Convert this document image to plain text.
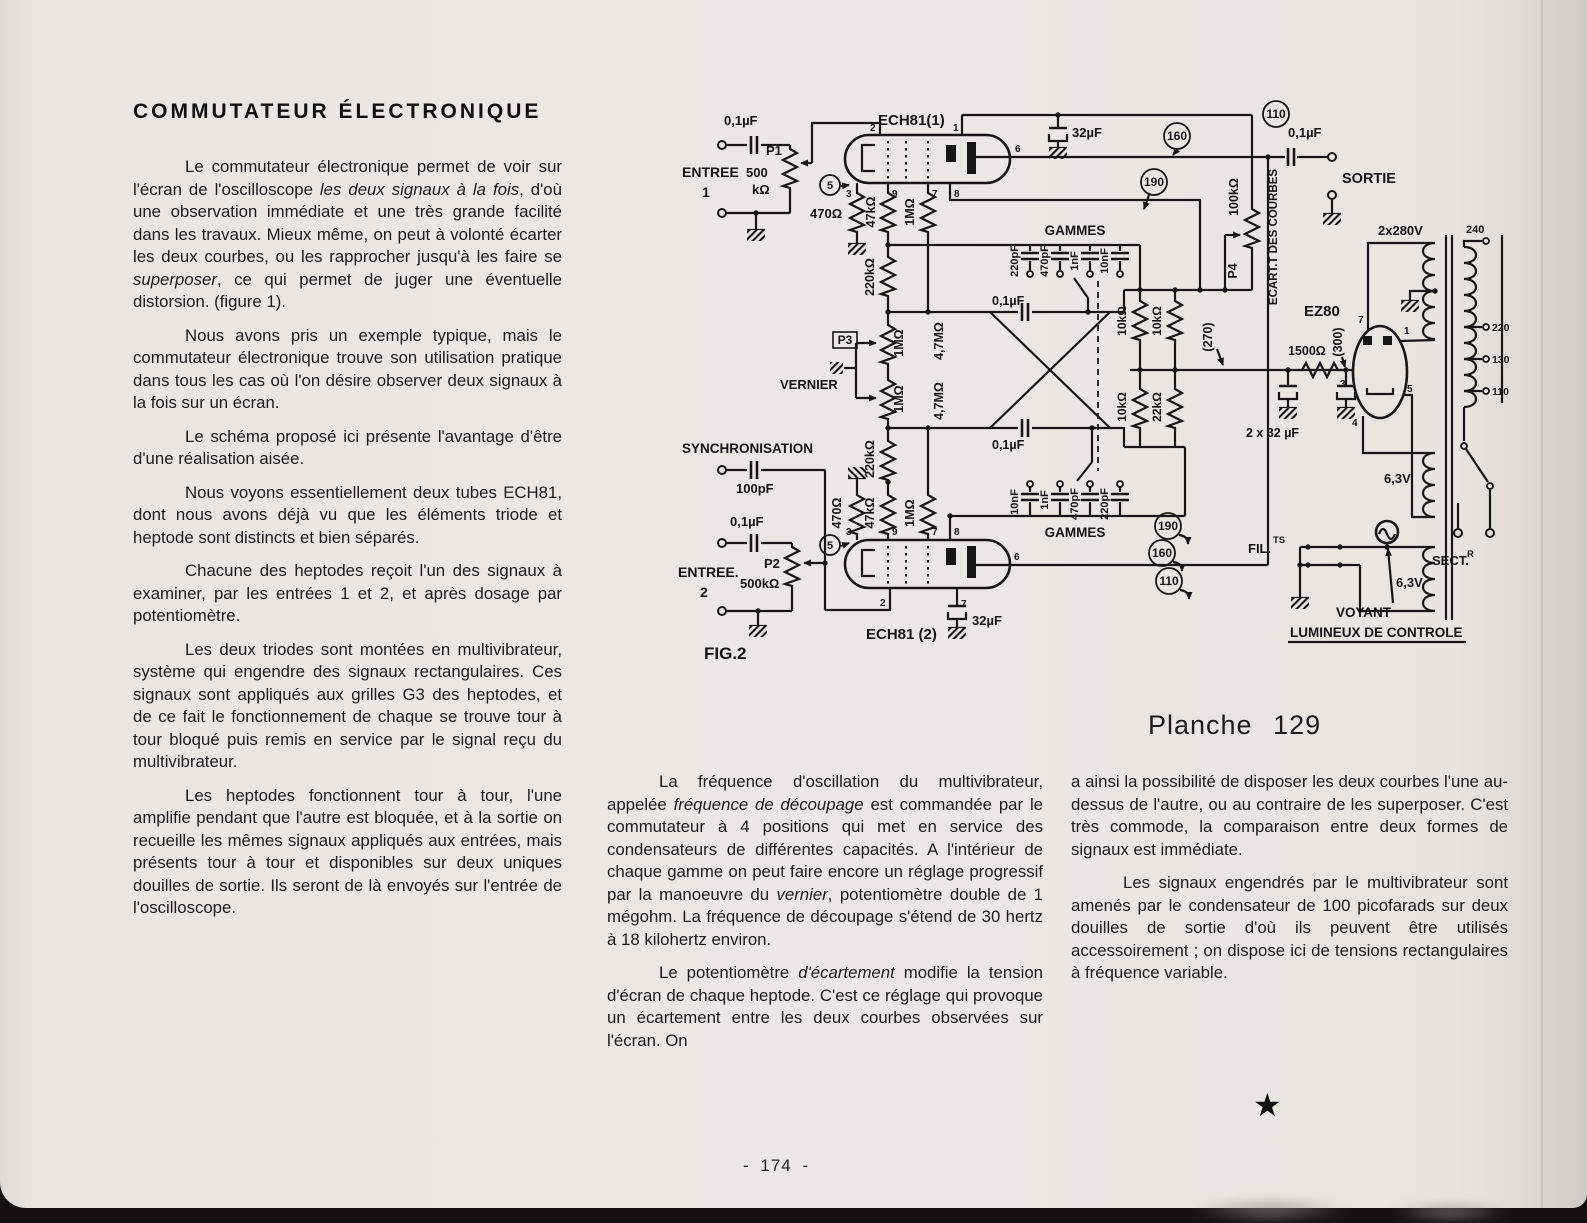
COMMUTATEUR ÉLECTRONIQUE

Le commutateur électronique permet de voir sur l'écran de l'oscilloscope les deux signaux à la fois, d'où une observation immédiate et une très grande facilité dans les travaux. Mieux même, on peut à volonté écarter les deux courbes, ou les rapprocher jusqu'à les faire se superposer, ce qui permet de juger une éventuelle distorsion. (figure 1).

Nous avons pris un exemple typique, mais le commutateur électronique trouve son utilisation pratique dans tous les cas où l'on désire observer deux signaux à la fois sur un écran.

Le schéma proposé ici présente l'avantage d'être d'une réalisation aisée.

Nous voyons essentiellement deux tubes ECH81, dont nous avons déjà vu que les éléments triode et heptode sont distincts et bien séparés.

Chacune des heptodes reçoit l'un des signaux à examiner, par les entrées 1 et 2, et après dosage par potentiomètre.

Les deux triodes sont montées en multivibrateur, système qui engendre des signaux rectangulaires. Ces signaux sont appliqués aux grilles G3 des heptodes, et de ce fait le fonctionnement de chaque se trouve tour à tour bloqué puis remis en service par le signal reçu du multivibrateur.

Les heptodes fonctionnent tour à tour, l'une amplifie pendant que l'autre est bloquée, et à la sortie on recueille les mêmes signaux appliqués aux entrées, mais présents tour à tour et disponibles sur deux uniques douilles de sortie. Ils seront de là envoyés sur l'entrée de l'oscilloscope.

La fréquence d'oscillation du multivibrateur, appelée fréquence de découpage est commandée par le commutateur à 4 positions qui met en service des condensateurs de différentes capacités. A l'intérieur de chaque gamme on peut faire encore un réglage progressif par la manoeuvre du vernier, potentiomètre double de 1 mégohm. La fréquence de découpage s'étend de 30 hertz à 18 kilohertz environ.

Le potentiomètre d'écartement modifie la tension d'écran de chaque heptode. C'est ce réglage qui provoque un écartement entre les deux courbes observées sur l'écran. On

a ainsi la possibilité de disposer les deux courbes l'une au-dessus de l'autre, ou au contraire de les superposer. C'est très commode, la comparaison entre deux formes de signaux est immédiate.

Les signaux engendrés par le multivibrateur sont amenés par le condensateur de 100 picofarads sur deux douilles de sortie d'où ils peuvent être utilisés accessoirement ; on dispose ici de tensions rectangulaires à fréquence variable.

Planche 129
★
- 174 -
5
5
160
110
190
190
160
110
0,1µF
ENTREE
1
P1
500
kΩ
ECH81(1)
2	1
3	9	7 8
6
470Ω 47kΩ 1MΩ
220kΩ
32µF	0,1µF
SORTIE
GAMMES
220pF 470pF 1nF 10nF
0,1µF
0,1µF
4,7MΩ
4,7MΩ
1MΩ
1MΩ
P3
VERNIER
220kΩ
47kΩ
470Ω	1MΩ
SYNCHRONISATION
100pF
0,1µF
ENTREE.
2
P2
500kΩ
FIG.2
ECH81 (2)
3	9	7 8
2	7
6
32µF
10nF 1nF 470pF 220pF
GAMMES
10kΩ 10kΩ
10kΩ 22kΩ
(270)
P4
100kΩ ECART.T DES COURBES
1500Ω (300)
EZ80
7
1
3
4
5
2x280V
2 x 32 µF
6,3V
6,3V
240
220
130
110
FIL.
TS
SECT.
R
VOYANT
LUMINEUX DE CONTROLE
